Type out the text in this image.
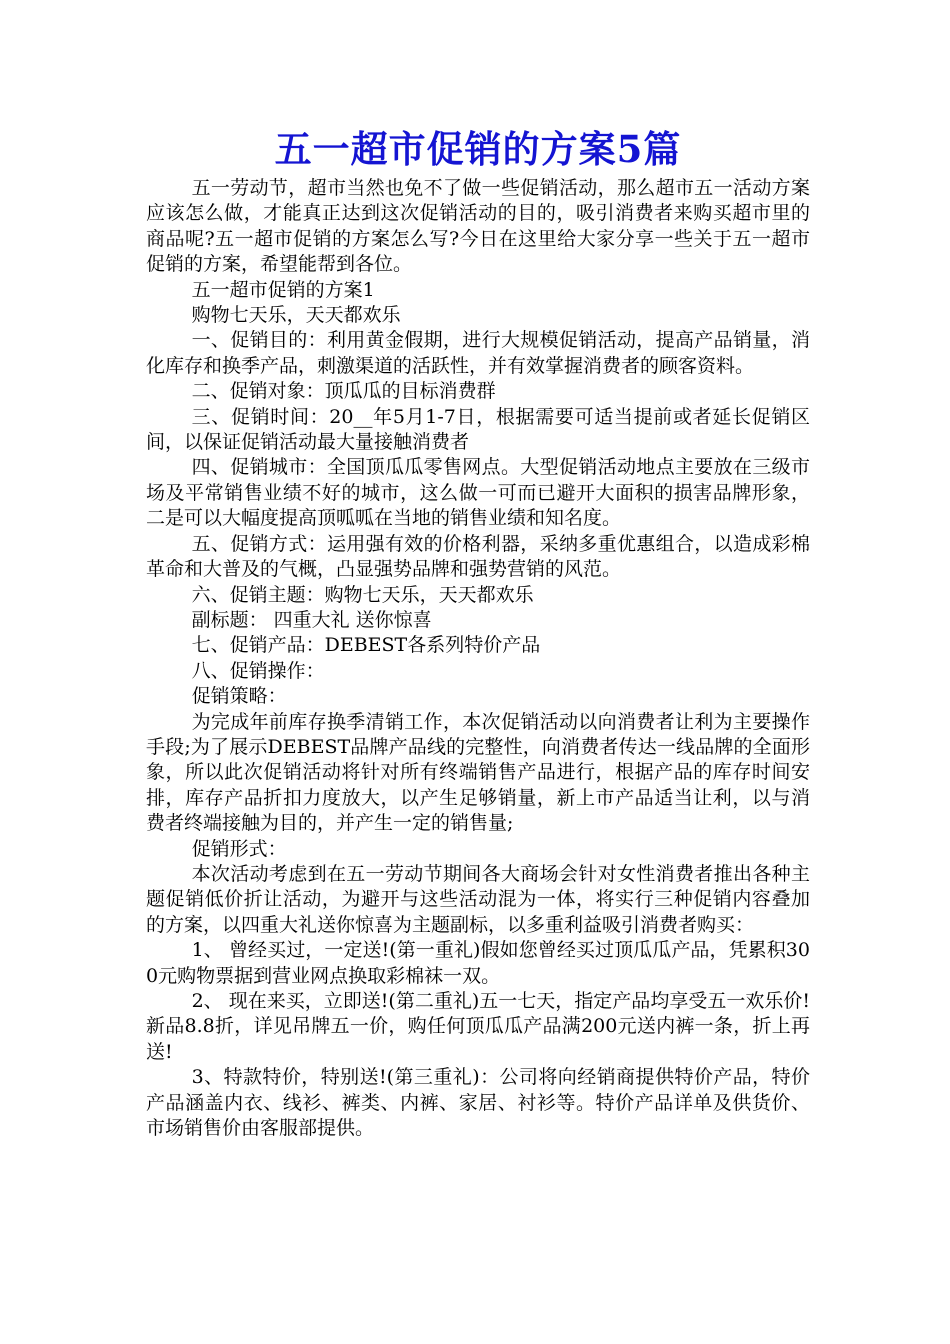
五一超市促销的方案5篇

五一劳动节，超市当然也免不了做一些促销活动，那么超市五一活动方案应该怎么做，才能真正达到这次促销活动的目的，吸引消费者来购买超市里的商品呢?五一超市促销的方案怎么写?今日在这里给大家分享一些关于五一超市促销的方案，希望能帮到各位。

五一超市促销的方案1

购物七天乐，天天都欢乐

一、促销目的：利用黄金假期，进行大规模促销活动，提高产品销量，消化库存和换季产品，刺激渠道的活跃性，并有效掌握消费者的顾客资料。

二、促销对象：顶瓜瓜的目标消费群

三、促销时间：20__年5月1-7日，根据需要可适当提前或者延长促销区间，以保证促销活动最大量接触消费者

四、促销城市：全国顶瓜瓜零售网点。大型促销活动地点主要放在三级市场及平常销售业绩不好的城市，这么做一可而已避开大面积的损害品牌形象，二是可以大幅度提高顶呱呱在当地的销售业绩和知名度。

五、促销方式：运用强有效的价格利器，采纳多重优惠组合，以造成彩棉革命和大普及的气概，凸显强势品牌和强势营销的风范。

六、促销主题：购物七天乐，天天都欢乐

副标题： 四重大礼 送你惊喜

七、促销产品：DEBEST各系列特价产品

八、促销操作：

促销策略：

为完成年前库存换季清销工作，本次促销活动以向消费者让利为主要操作手段;为了展示DEBEST品牌产品线的完整性，向消费者传达一线品牌的全面形象，所以此次促销活动将针对所有终端销售产品进行，根据产品的库存时间安排，库存产品折扣力度放大，以产生足够销量，新上市产品适当让利，以与消费者终端接触为目的，并产生一定的销售量;

促销形式：

本次活动考虑到在五一劳动节期间各大商场会针对女性消费者推出各种主题促销低价折让活动，为避开与这些活动混为一体，将实行三种促销内容叠加的方案，以四重大礼送你惊喜为主题副标，以多重利益吸引消费者购买：

1、 曾经买过，一定送!(第一重礼)假如您曾经买过顶瓜瓜产品，凭累积300元购物票据到营业网点换取彩棉袜一双。

2、 现在来买，立即送!(第二重礼)五一七天，指定产品均享受五一欢乐价!新品8.8折，详见吊牌五一价，购任何顶瓜瓜产品满200元送内裤一条，折上再送!

3、特款特价，特别送!(第三重礼)：公司将向经销商提供特价产品，特价产品涵盖内衣、线衫、裤类、内裤、家居、衬衫等。特价产品详单及供货价、市场销售价由客服部提供。
